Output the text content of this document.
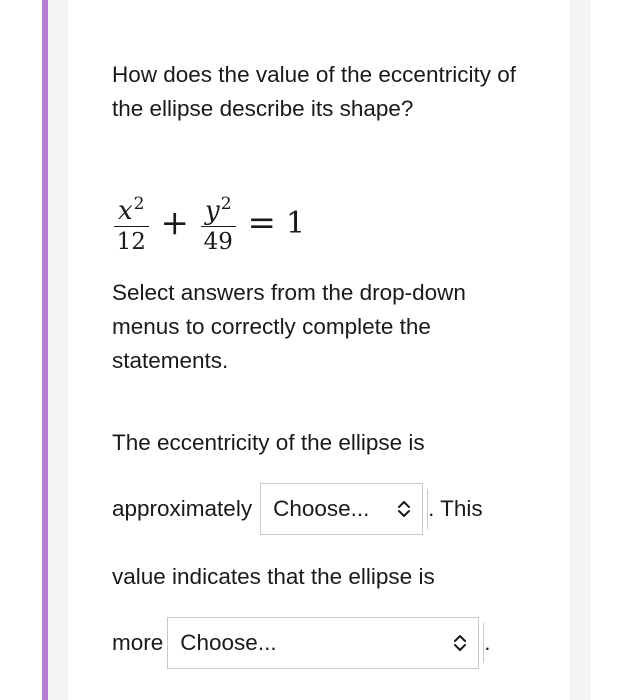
How does the value of the eccentricity of the ellipse describe its shape?

$\frac{x^2}{12} + \frac{y^2}{49} = 1$

Select answers from the drop-down menus to correctly complete the statements.

The eccentricity of the ellipse is
approximately Choose...	. This
value indicates that the ellipse is
more Choose...	.
